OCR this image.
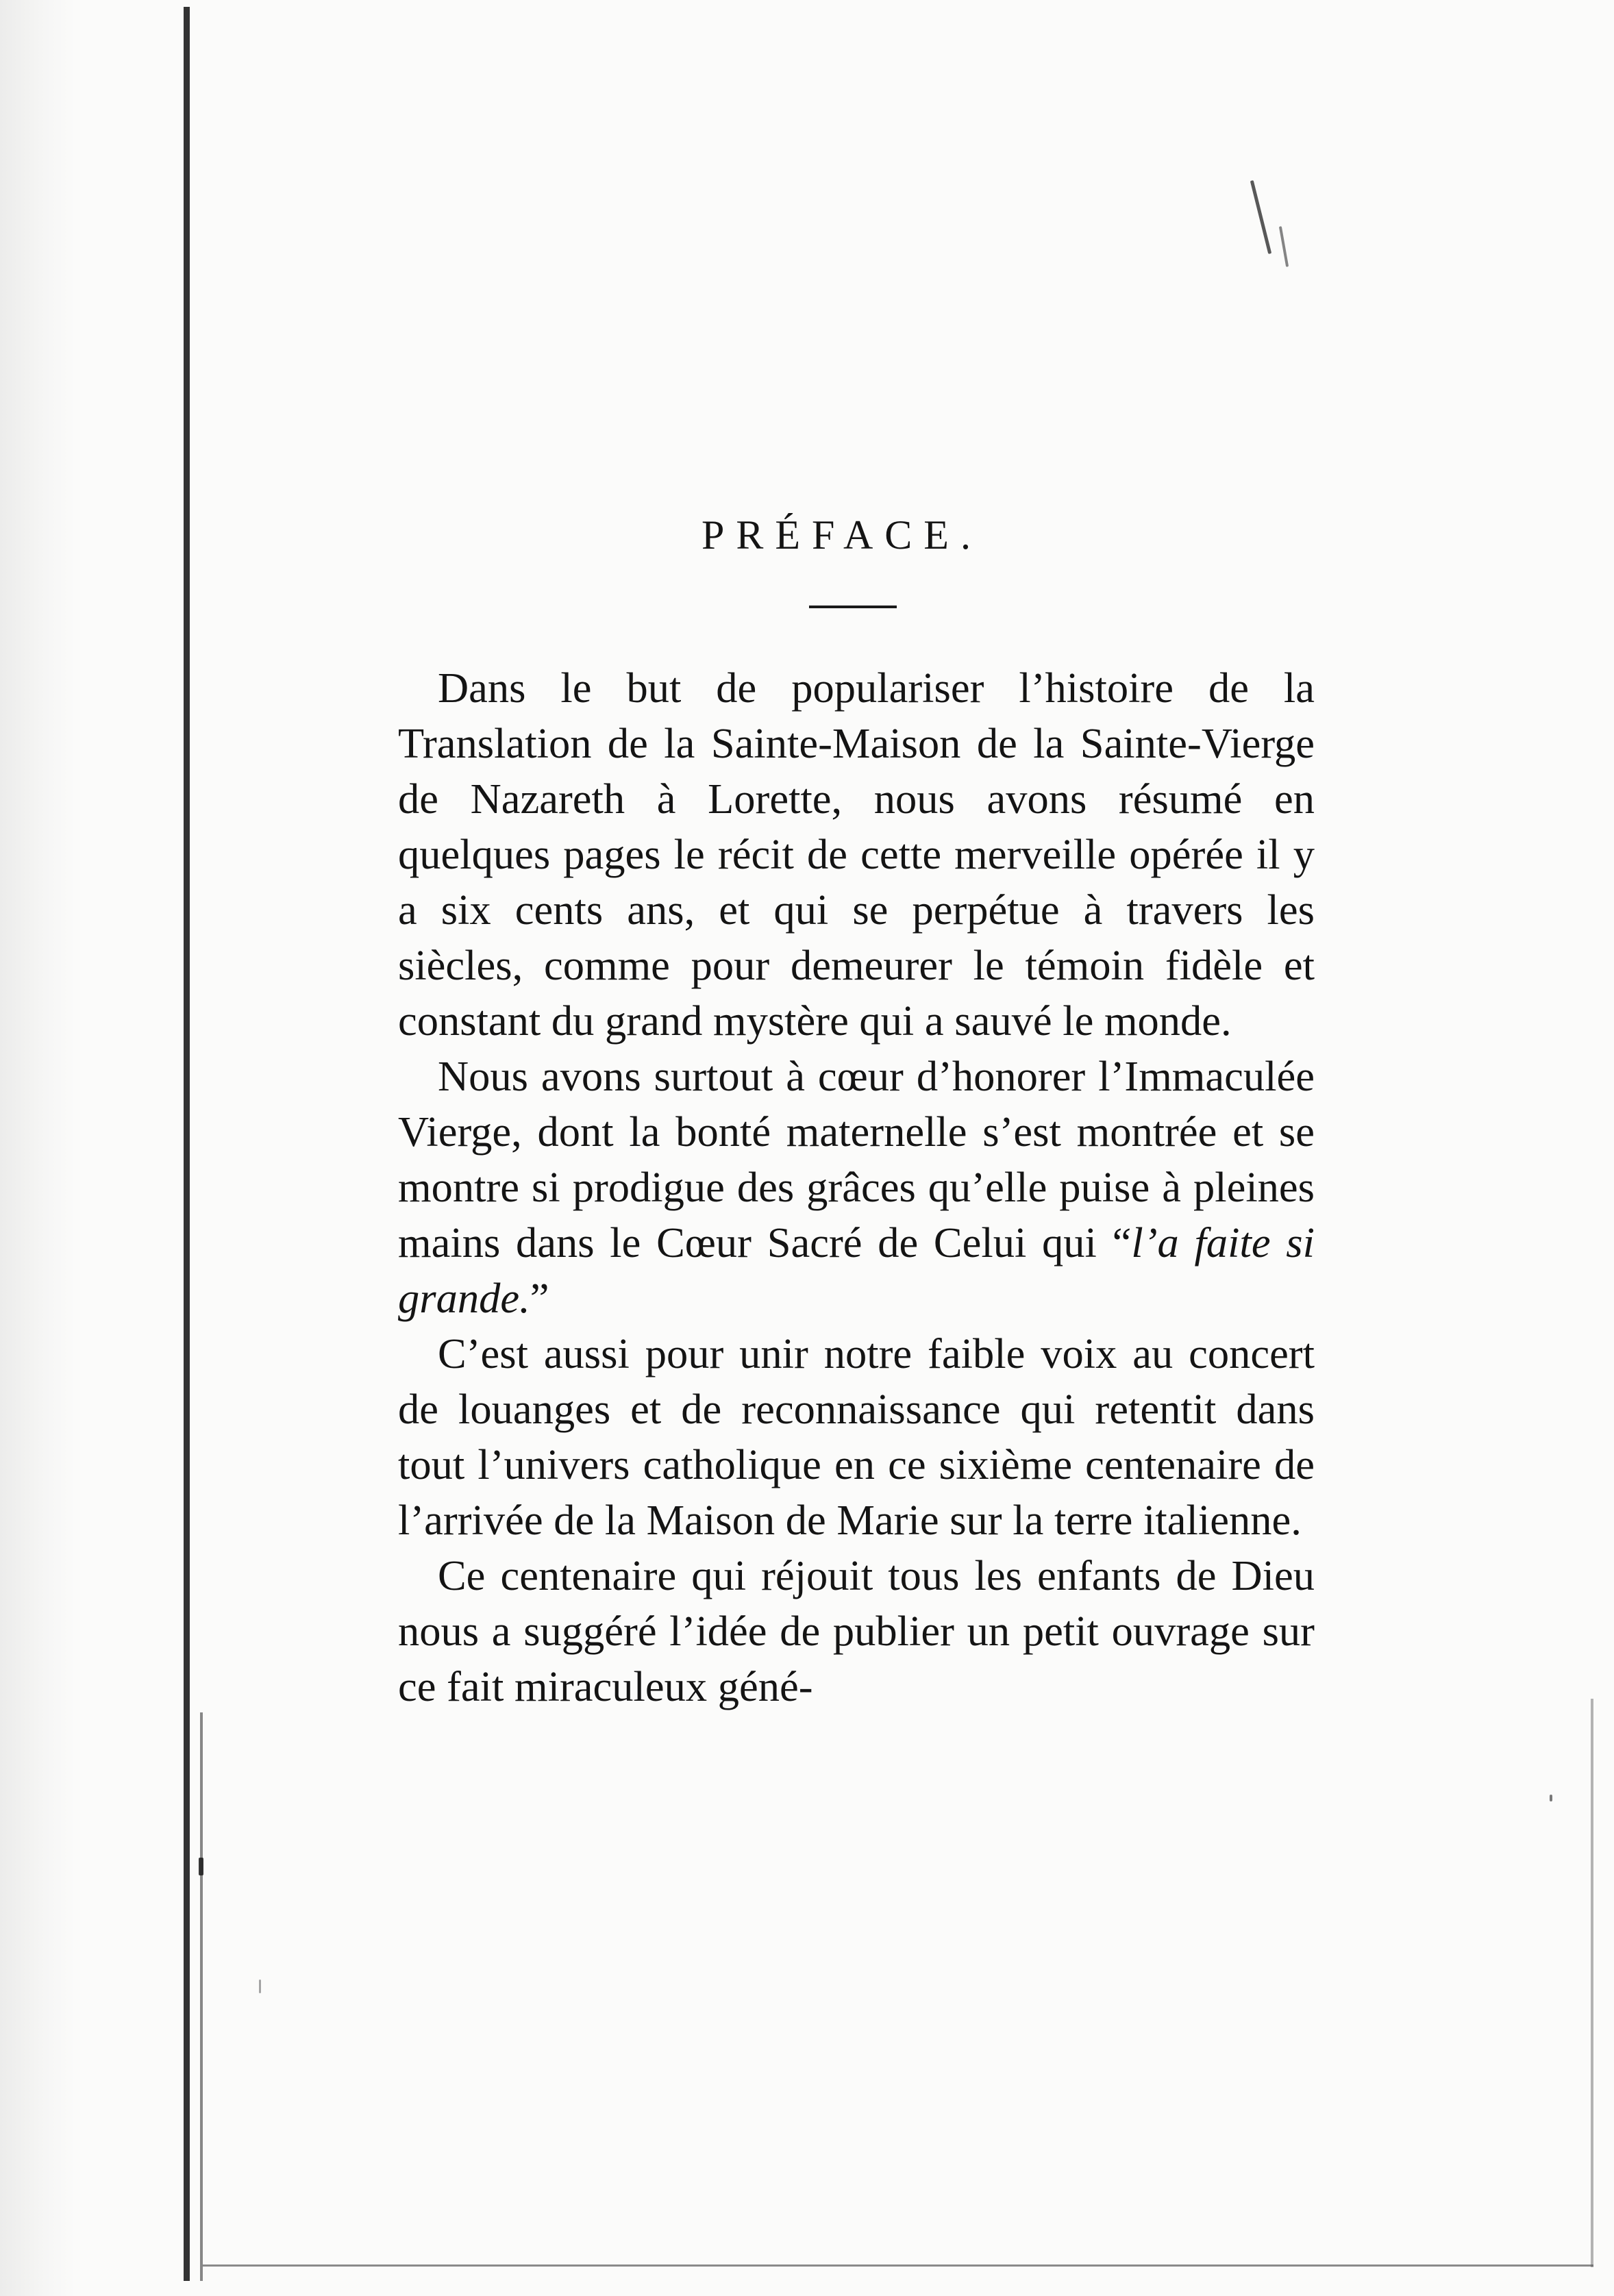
PRÉFACE.

Dans le but de populariser l’histoire de la Translation de la Sainte-Maison de la Sainte-Vierge de Nazareth à Lorette, nous avons résumé en quelques pages le récit de cette merveille opérée il y a six cents ans, et qui se perpétue à travers les siècles, comme pour demeurer le témoin fidèle et constant du grand mystère qui a sauvé le monde.

Nous avons surtout à cœur d’honorer l’Immaculée Vierge, dont la bonté maternelle s’est montrée et se montre si prodigue des grâces qu’elle puise à pleines mains dans le Cœur Sacré de Celui qui “l’a faite si grande.”

C’est aussi pour unir notre faible voix au concert de louanges et de reconnaissance qui retentit dans tout l’univers catholique en ce sixième centenaire de l’arrivée de la Maison de Marie sur la terre italienne.

Ce centenaire qui réjouit tous les enfants de Dieu nous a suggéré l’idée de publier un petit ouvrage sur ce fait miraculeux géné-
